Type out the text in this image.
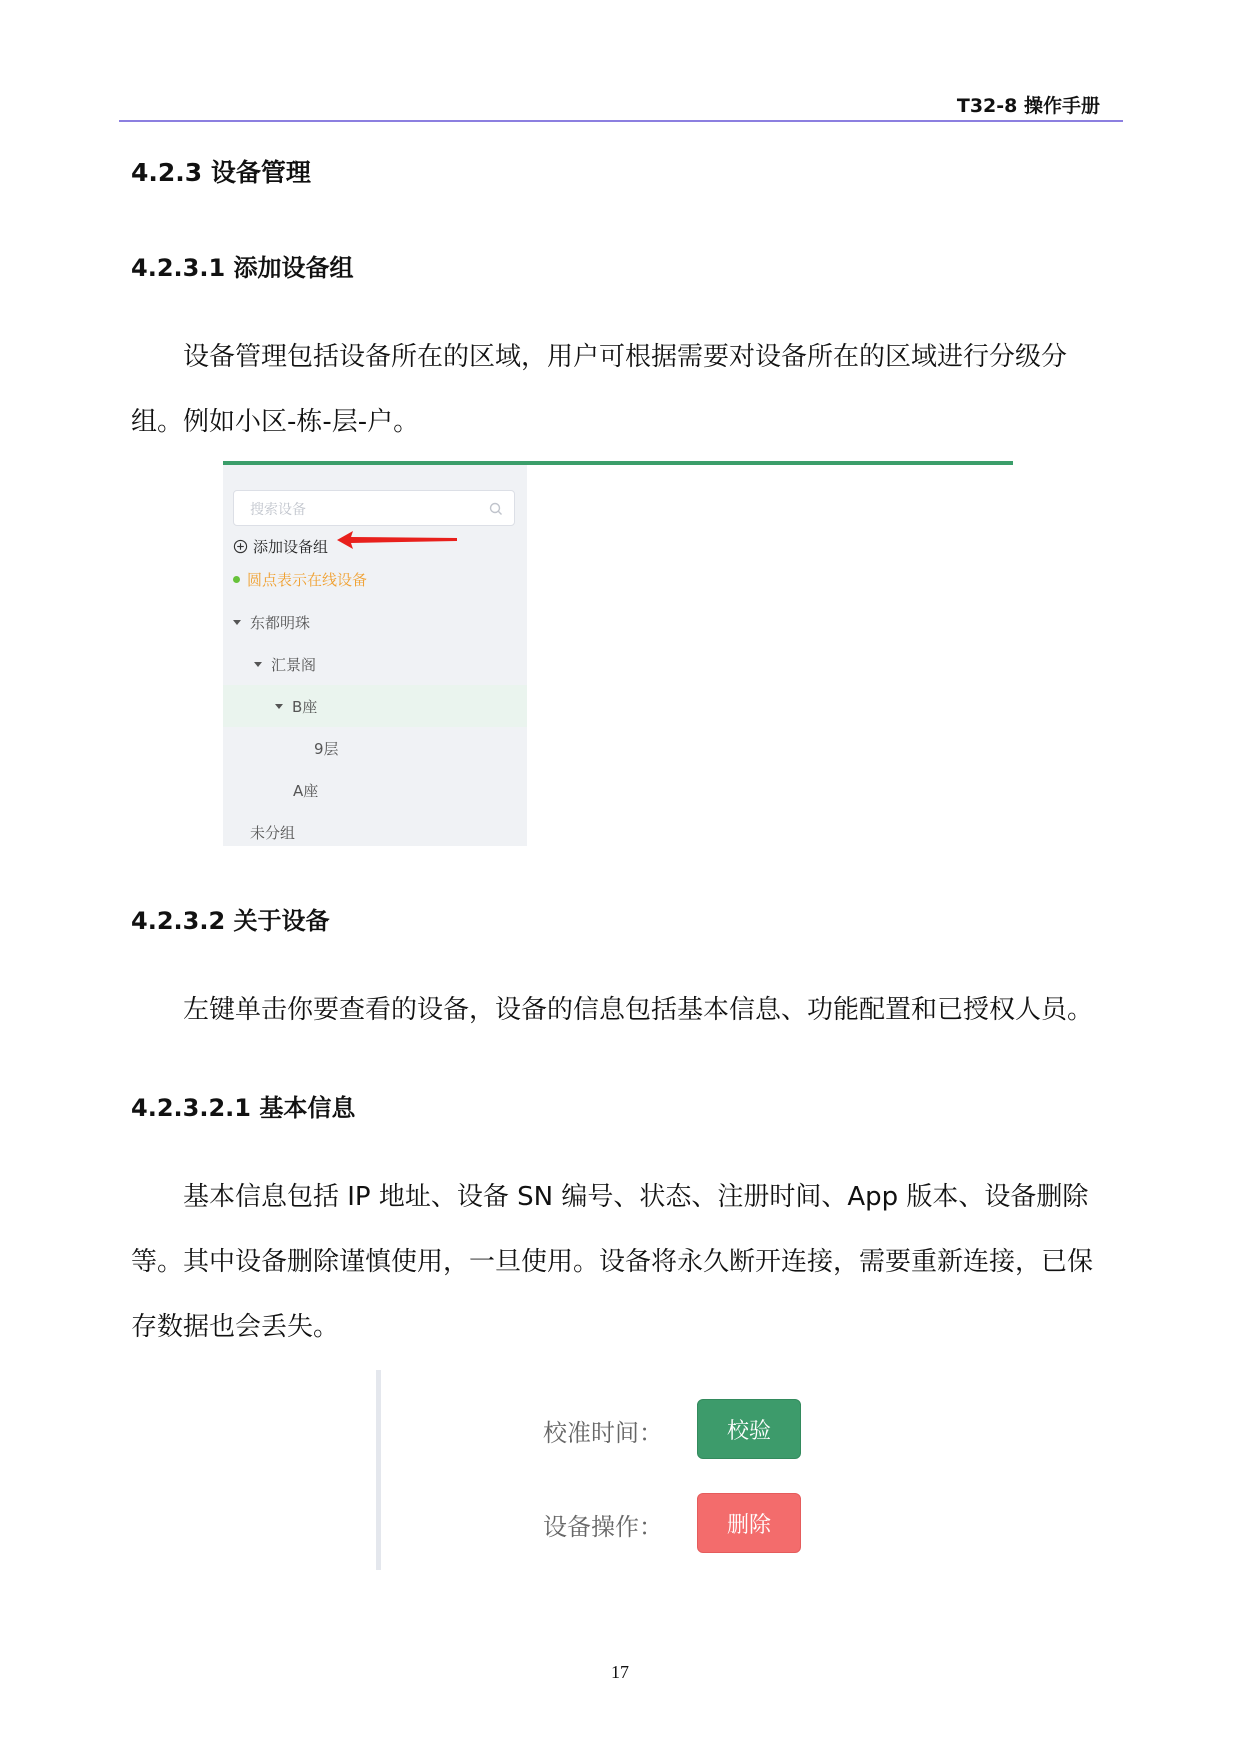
T32-8 操作手册
4.2.3 设备管理
4.2.3.1 添加设备组
设备管理包括设备所在的区域，用户可根据需要对设备所在的区域进行分级分组。例如小区-栋-层-户。
搜索设备
添加设备组
圆点表示在线设备
东都明珠
汇景阁
B座
9层
A座
未分组
4.2.3.2 关于设备
左键单击你要查看的设备，设备的信息包括基本信息、功能配置和已授权人员。
4.2.3.2.1 基本信息
基本信息包括 IP 地址、设备 SN 编号、状态、注册时间、App 版本、设备删除等。其中设备删除谨慎使用，一旦使用。设备将永久断开连接，需要重新连接，已保存数据也会丢失。
校准时间：	校验
设备操作：	删除
17
